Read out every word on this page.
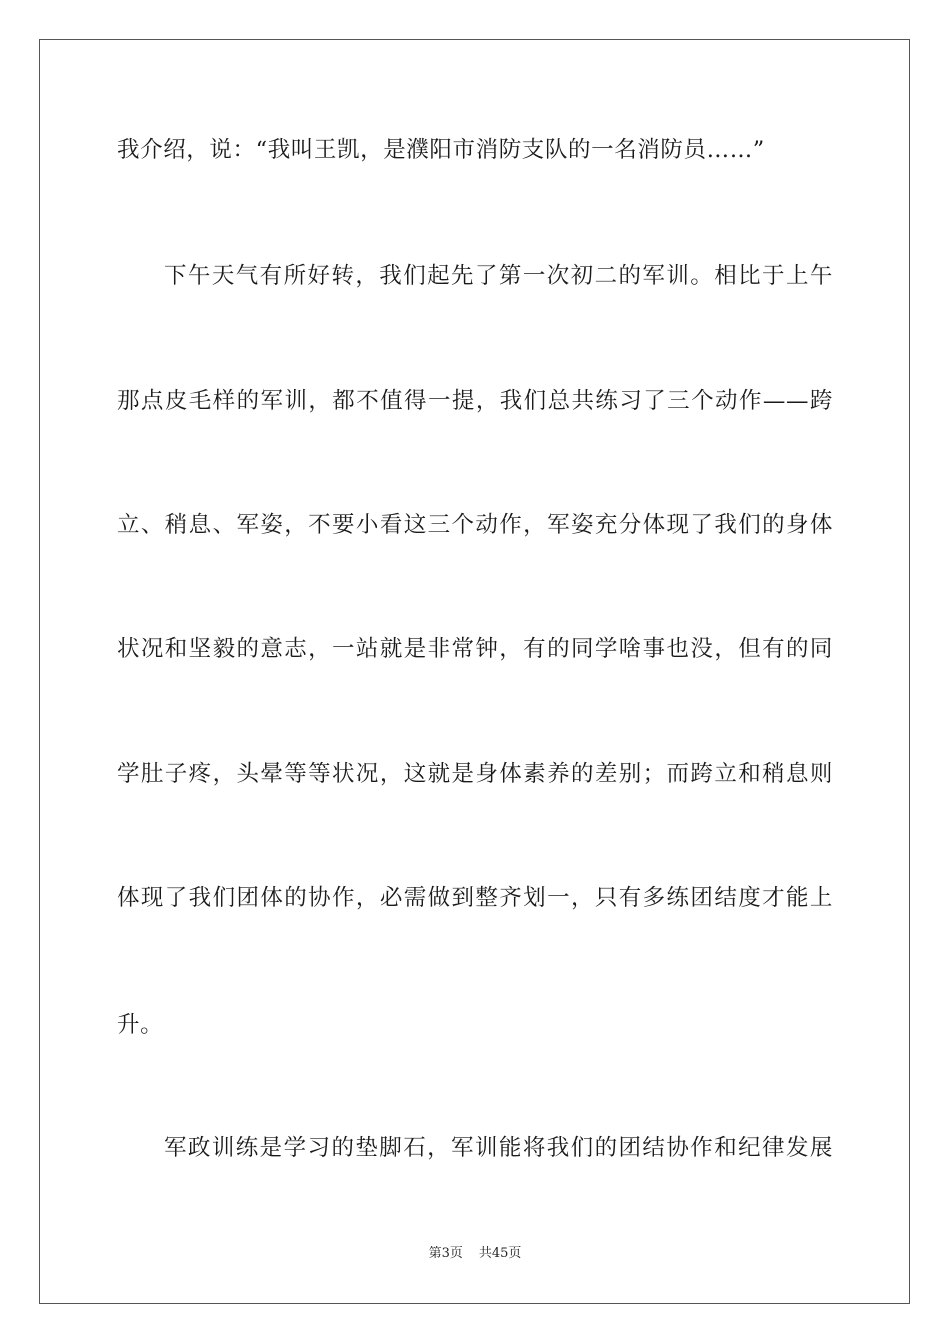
我介绍，说：“我叫王凯，是濮阳市消防支队的一名消防员……”

下午天气有所好转，我们起先了第一次初二的军训。相比于上午

那点皮毛样的军训，都不值得一提，我们总共练习了三个动作——跨

立、稍息、军姿，不要小看这三个动作，军姿充分体现了我们的身体

状况和坚毅的意志，一站就是非常钟，有的同学啥事也没，但有的同

学肚子疼，头晕等等状况，这就是身体素养的差别；而跨立和稍息则

体现了我们团体的协作，必需做到整齐划一，只有多练团结度才能上

升。

军政训练是学习的垫脚石，军训能将我们的团结协作和纪律发展

第3页 共45页
